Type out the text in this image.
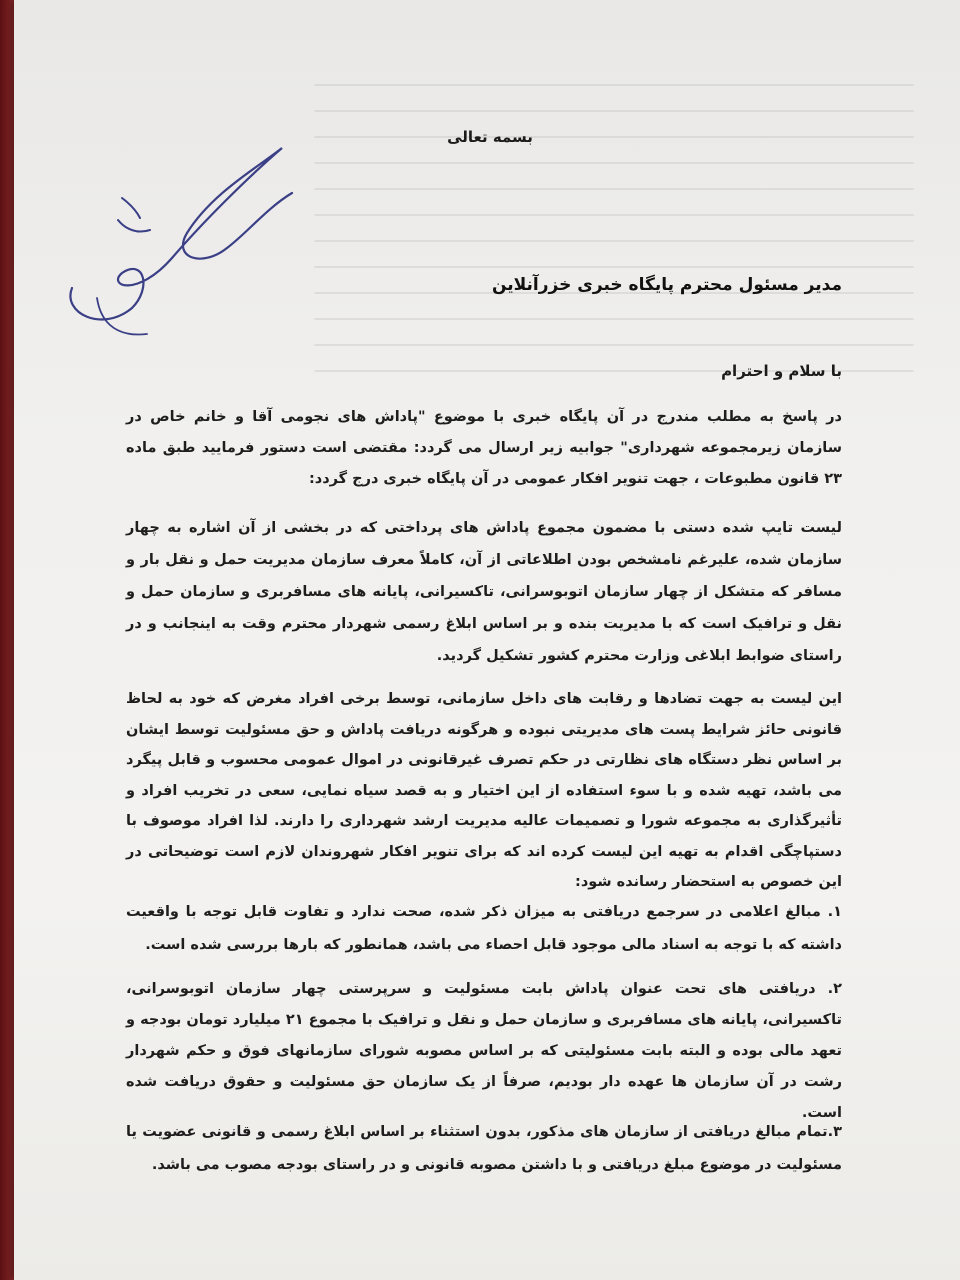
بسمه تعالی
مدیر مسئول محترم پایگاه خبری خزرآنلاین
با سلام و احترام
در پاسخ به مطلب مندرج در آن پایگاه خبری با موضوع "پاداش های نجومی آقا و خانم خاص در سازمان زیرمجموعه شهرداری" جوابیه زیر ارسال می گردد: مقتضی است دستور فرمایید طبق ماده ۲۳ قانون مطبوعات ، جهت تنویر افکار عمومی در آن پایگاه خبری درج گردد:
لیست تایپ شده دستی با مضمون مجموع پاداش های پرداختی که در بخشی از آن اشاره به چهار سازمان شده، علیرغم نامشخص بودن اطلاعاتی از آن، کاملاً معرف سازمان مدیریت حمل و نقل بار و مسافر که متشکل از چهار سازمان اتوبوسرانی، تاکسیرانی، پایانه های مسافربری و سازمان حمل و نقل و ترافیک است که با مدیریت بنده و بر اساس ابلاغ رسمی شهردار محترم وقت به اینجانب و در راستای ضوابط ابلاغی وزارت محترم کشور تشکیل گردید.
این لیست به جهت تضادها و رقابت های داخل سازمانی، توسط برخی افراد مغرض که خود به لحاظ قانونی حائز شرایط پست های مدیریتی نبوده و هرگونه دریافت پاداش و حق مسئولیت توسط ایشان بر اساس نظر دستگاه های نظارتی در حکم تصرف غیرقانونی در اموال عمومی محسوب و قابل پیگرد می باشد، تهیه شده و با سوء استفاده از این اختیار و به قصد سیاه نمایی، سعی در تخریب افراد و تأثیرگذاری به مجموعه شورا و تصمیمات عالیه مدیریت ارشد شهرداری را دارند. لذا افراد موصوف با دستپاچگی اقدام به تهیه این لیست کرده اند که برای تنویر افکار شهروندان لازم است توضیحاتی در این خصوص به استحضار رسانده شود:
۱. مبالغ اعلامی در سرجمع دریافتی به میزان ذکر شده، صحت ندارد و تفاوت قابل توجه با واقعیت داشته که با توجه به اسناد مالی موجود قابل احصاء می باشد، همانطور که بارها بررسی شده است.
۲. دریافتی های تحت عنوان پاداش بابت مسئولیت و سرپرستی چهار سازمان اتوبوسرانی، تاکسیرانی، پایانه های مسافربری و سازمان حمل و نقل و ترافیک با مجموع ۲۱ میلیارد تومان بودجه و تعهد مالی بوده و البته بابت مسئولیتی که بر اساس مصوبه شورای سازمانهای فوق و حکم شهردار رشت در آن سازمان ها عهده دار بودیم، صرفاً از یک سازمان حق مسئولیت و حقوق دریافت شده است.
۳.تمام مبالغ دریافتی از سازمان های مذکور، بدون استثناء بر اساس ابلاغ رسمی و قانونی عضویت یا مسئولیت در موضوع مبلغ دریافتی و با داشتن مصوبه قانونی و در راستای بودجه مصوب می باشد.
